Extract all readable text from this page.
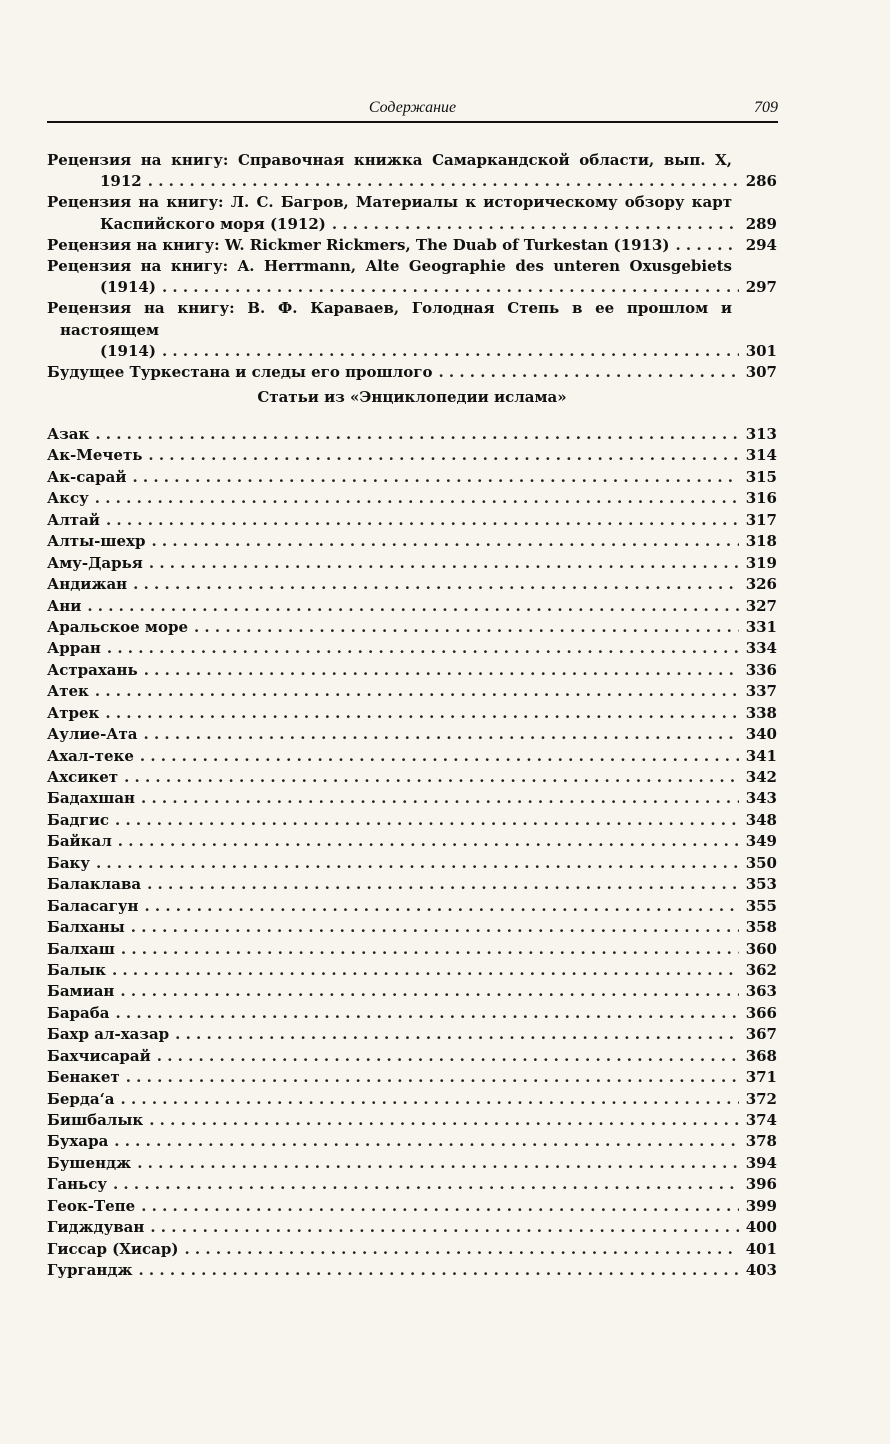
Содержание	709
Рецензия на книгу: Справочная книжка Самаркандской области, вып. X,
1912 . . .	286
Рецензия на книгу: Л. С. Багров, Материалы к историческому обзору карт
Каспийского моря (1912) . . .	289
Рецензия на книгу: W. Rickmer Rickmers, The Duab of Turkestan (1913) . . .	294
Рецензия на книгу: A. Herrmann, Alte Geographie des unteren Oxusgebiets
(1914) . . .	297
Рецензия на книгу: В. Ф. Караваев, Голодная Степь в ее прошлом и настоящем
(1914) . . .	301
Будущее Туркестана и следы его прошлого . . .	307
Статьи из «Энциклопедии ислама»
Азак . . .	313
Ак-Мечеть . . .	314
Ак-сарай . . .	315
Аксу . . .	316
Алтай . . .	317
Алты-шехр . . .	318
Аму-Дарья . . .	319
Андижан . . .	326
Ани . . .	327
Аральское море . . .	331
Арран . . .	334
Астрахань . . .	336
Атек . . .	337
Атрек . . .	338
Аулие-Ата . . .	340
Ахал-теке . . .	341
Ахсикет . . .	342
Бадахшан . . .	343
Бадгис . . .	348
Байкал . . .	349
Баку . . .	350
Балаклава . . .	353
Баласагун . . .	355
Балханы . . .	358
Балхаш . . .	360
Балык . . .	362
Бамиан . . .	363
Бараба . . .	366
Бахр ал-хазар . . .	367
Бахчисарай . . .	368
Бенакет . . .	371
Берда‘а . . .	372
Бишбалык . . .	374
Бухара . . .	378
Бушендж . . .	394
Ганьсу . . .	396
Геок-Тепе . . .	399
Гидждуван . . .	400
Гиссар (Хисар) . . .	401
Гургандж . . .	403
